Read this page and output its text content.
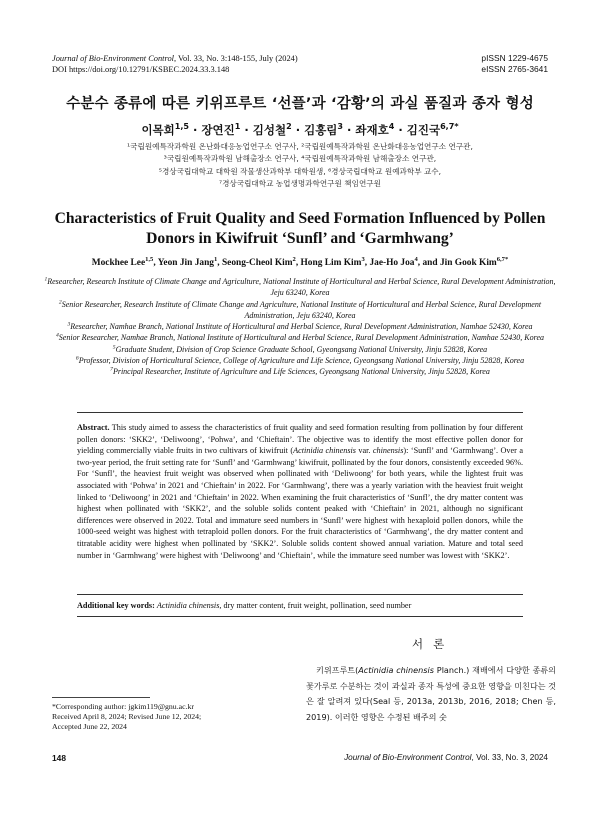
Journal of Bio-Environment Control, Vol. 33, No. 3:148-155, July (2024)
DOI https://doi.org/10.12791/KSBEC.2024.33.3.148
pISSN 1229-4675
eISSN 2765-3641
수분수 종류에 따른 키위프루트 ‘선플’과 ‘감황’의 과실 품질과 종자 형성
이목희$^{1,5}$ · 장연진$^1$ · 김성철$^2$ · 김홍림$^3$ · 좌재호$^4$ · 김진국$^{6,7*}$
¹국립원예특작과학원 온난화대응농업연구소 연구사, ²국립원예특작과학원 온난화대응농업연구소 연구관,
³국립원예특작과학원 남해출장소 연구사, ⁴국립원예특작과학원 남해출장소 연구관,
⁵경상국립대학교 대학원 작물생산과학부 대학원생, ⁶경상국립대학교 원예과학부 교수,
⁷경상국립대학교 농업생명과학연구원 책임연구원
Characteristics of Fruit Quality and Seed Formation Influenced by Pollen
Donors in Kiwifruit ‘Sunfl’ and ‘Garmhwang’
Mockhee Lee$^{1,5}$, Yeon Jin Jang$^1$, Seong-Cheol Kim$^2$, Hong Lim Kim$^3$, Jae-Ho Joa$^4$, and Jin Gook Kim$^{6,7*}$

$^1$Researcher, Research Institute of Climate Change and Agriculture, National Institute of Horticultural and Herbal Science, Rural Development Administration, Jeju 63240, Korea

$^2$Senior Researcher, Research Institute of Climate Change and Agriculture, National Institute of Horticultural and Herbal Science, Rural Development Administration, Jeju 63240, Korea

$^3$Researcher, Namhae Branch, National Institute of Horticultural and Herbal Science, Rural Development Administration, Namhae 52430, Korea

$^4$Senior Researcher, Namhae Branch, National Institute of Horticultural and Herbal Science, Rural Development Administration, Namhae 52430, Korea

$^5$Graduate Student, Division of Crop Science Graduate School, Gyeongsang National University, Jinju 52828, Korea

$^6$Professor, Division of Horticultural Science, College of Agriculture and Life Science, Gyeongsang National University, Jinju 52828, Korea

$^7$Principal Researcher, Institute of Agriculture and Life Sciences, Gyeongsang National University, Jinju 52828, Korea

Abstract. This study aimed to assess the characteristics of fruit quality and seed formation resulting from pollination by four different pollen donors: ‘SKK2’, ‘Deliwoong’, ‘Pohwa’, and ‘Chieftain’. The objective was to identify the most effective pollen donor for yielding commercially viable fruits in two cultivars of kiwifruit (Actinidia chinensis var. chinensis): ‘Sunfl’ and ‘Garmhwang’. Over a two-year period, the fruit setting rate for ‘Sunfl’ and ‘Garmhwang’ kiwifruit, pollinated by the four donors, consistently exceeded 96%. For ‘Sunfl’, the heaviest fruit weight was observed when pollinated with ‘Deliwoong’ for both years, while the lightest fruit was associated with ‘Pohwa’ in 2021 and ‘Chieftain’ in 2022. For ‘Garmhwang’, there was a yearly variation with the heaviest fruit weight linked to ‘Deliwoong’ in 2021 and ‘Chieftain’ in 2022. When examining the fruit characteristics of ‘Sunfl’, the dry matter content was highest when pollinated with ‘SKK2’, and the soluble solids content peaked with ‘Chieftain’ in 2021, although no significant differences were observed in 2022. Total and immature seed numbers in ‘Sunfl’ were highest with hexaploid pollen donors, while the 1000-seed weight was highest with tetraploid pollen donors. For the fruit characteristics of ‘Garmhwang’, the dry matter content and titratable acidity were highest when pollinated by ‘SKK2’. Soluble solids content showed annual variation. Mature and total seed number in ‘Garmhwang’ were highest with ‘Deliwoong’ and ‘Chieftain’, while the immature seed number was lowest with ‘SKK2’.
Additional key words: Actinidia chinensis, dry matter content, fruit weight, pollination, seed number
서론
키위프루트(Actinidia chinensis Planch.) 재배에서 다양한 종류의 꽃가루로 수분하는 것이 과실과 종자 특성에 중요한 영향을 미친다는 것은 잘 알려져 있다(Seal 등, 2013a, 2013b, 2016, 2018; Chen 등, 2019). 이러한 영향은 수정된 배주의 숫
*Corresponding author: jgkim119@gnu.ac.kr
Received April 8, 2024; Revised June 12, 2024;
Accepted June 22, 2024
148	Journal of Bio-Environment Control, Vol. 33, No. 3, 2024
